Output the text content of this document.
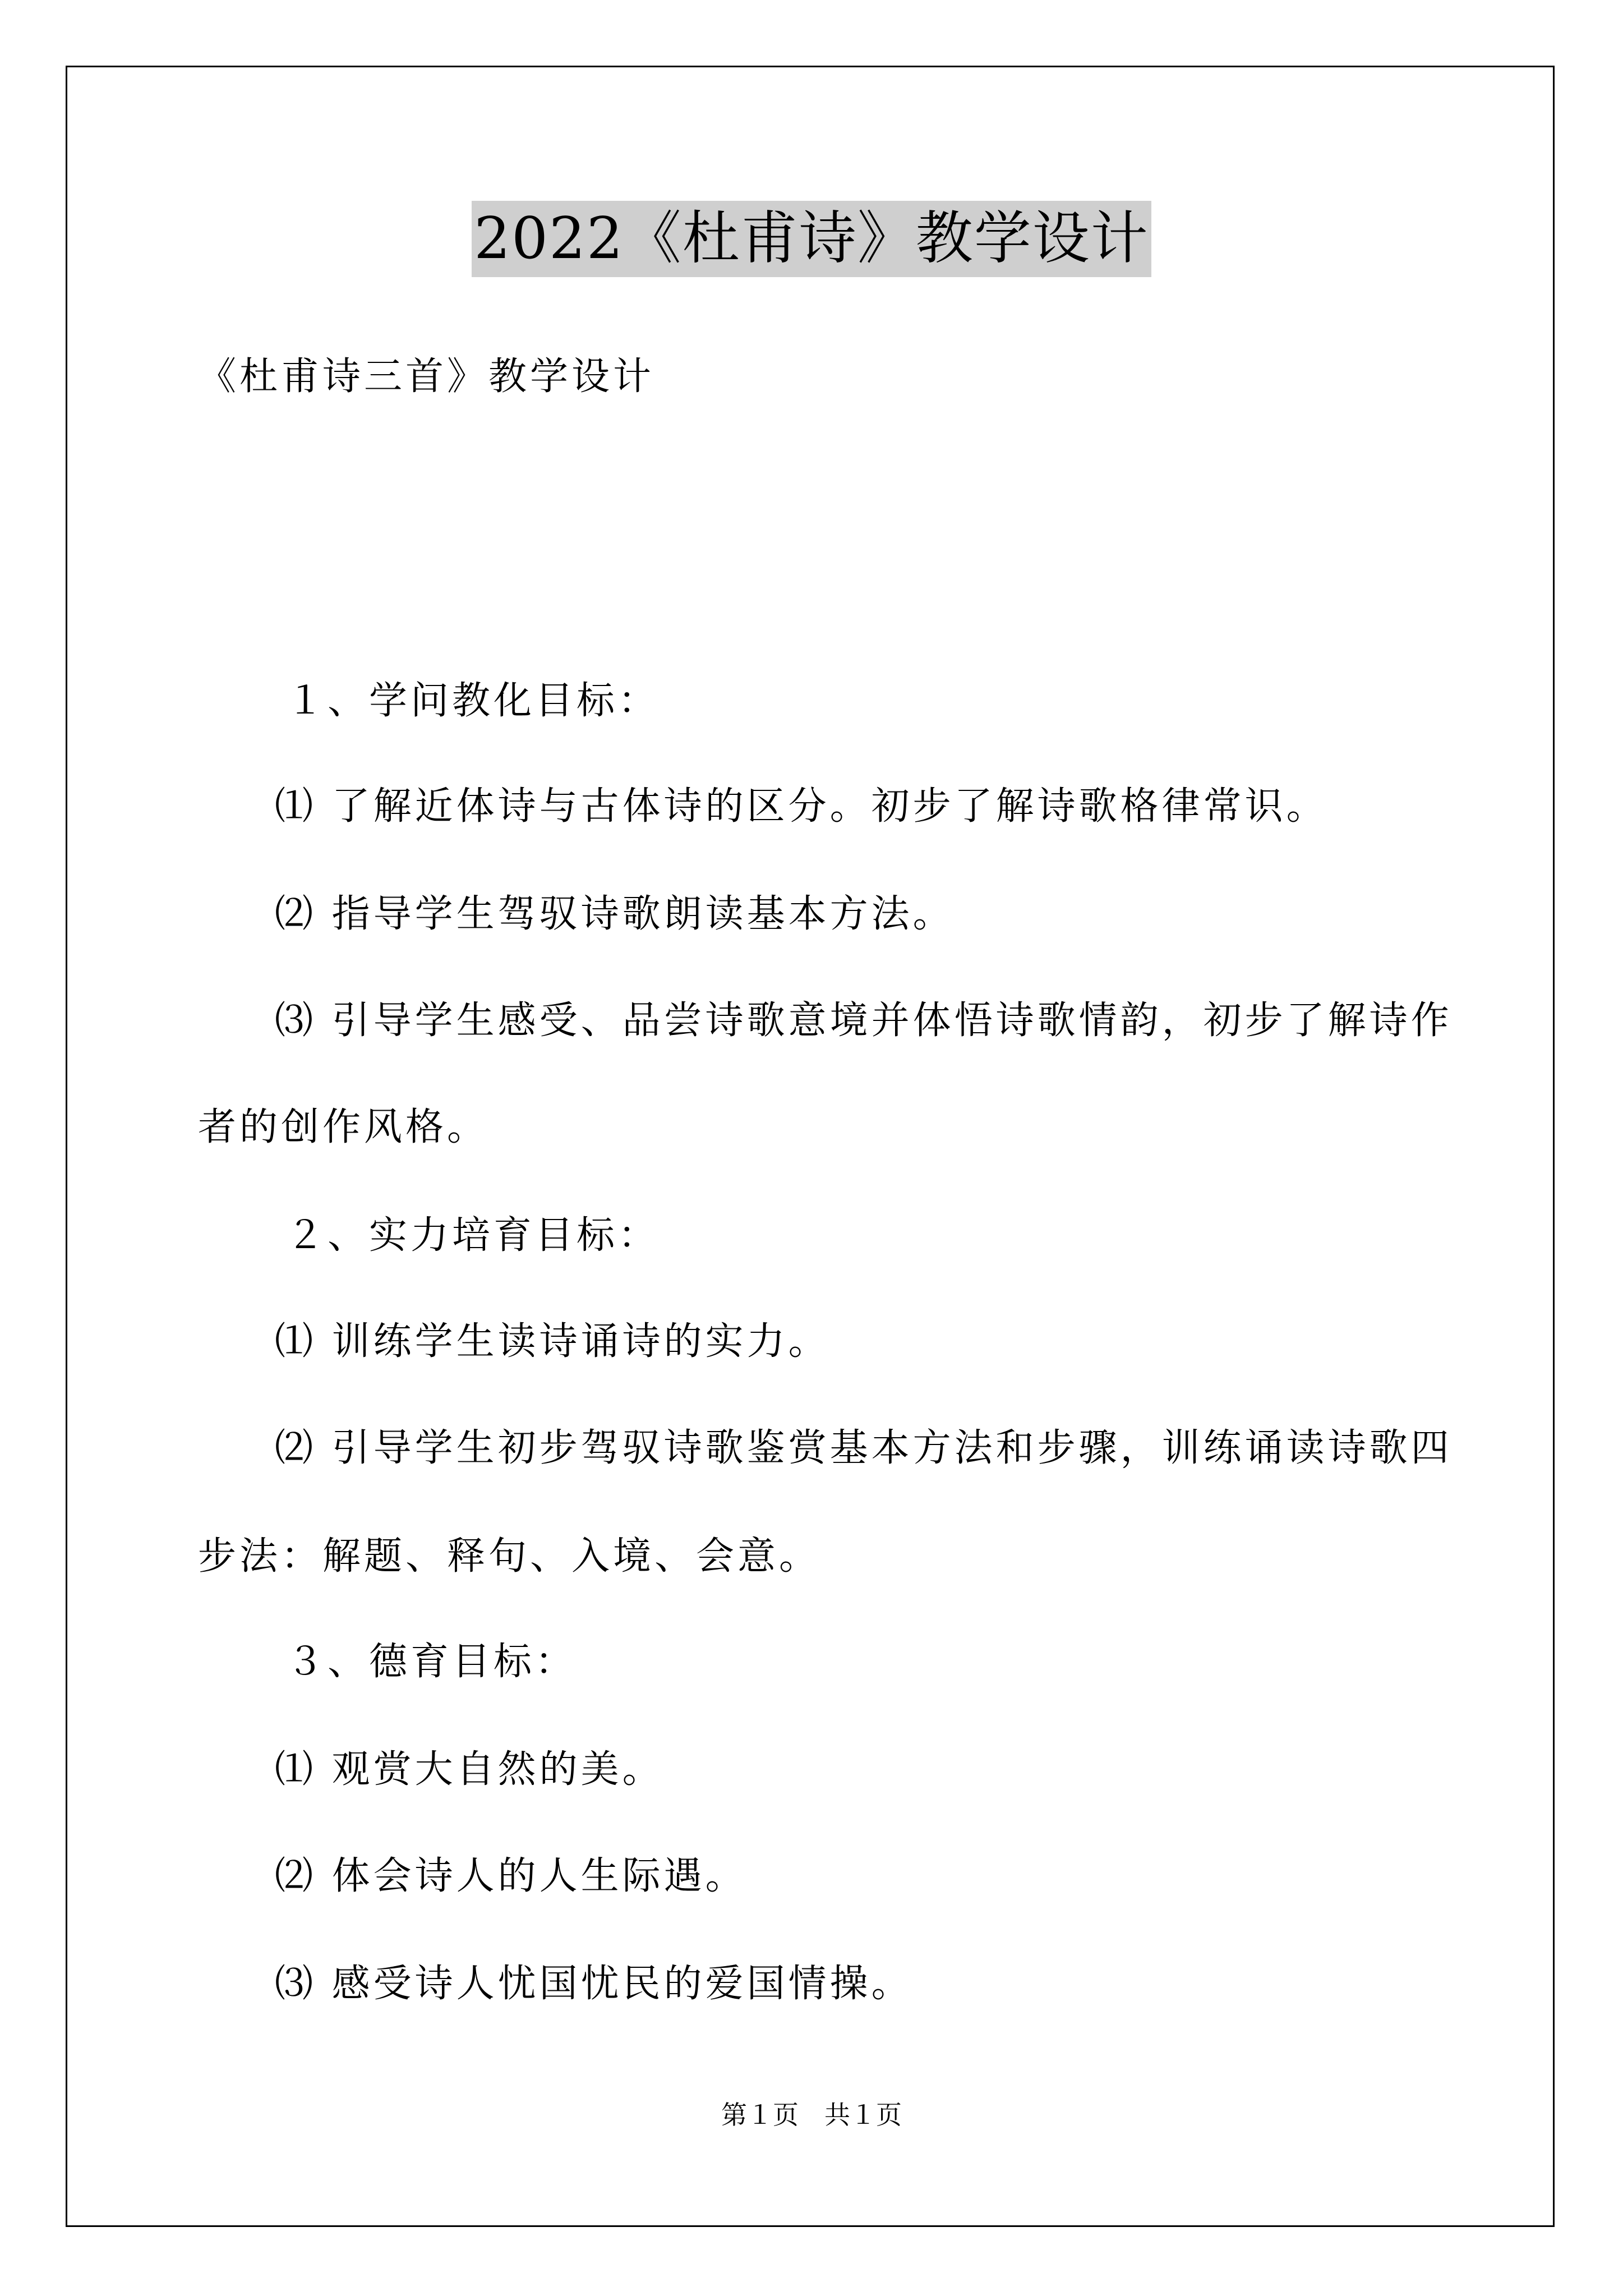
2022《杜甫诗》教学设计
《杜甫诗三首》教学设计
１、学问教化目标：
⑴ 了解近体诗与古体诗的区分。初步了解诗歌格律常识。
⑵ 指导学生驾驭诗歌朗读基本方法。
⑶ 引导学生感受、品尝诗歌意境并体悟诗歌情韵，初步了解诗作
者的创作风格。
２、实力培育目标：
⑴ 训练学生读诗诵诗的实力。
⑵ 引导学生初步驾驭诗歌鉴赏基本方法和步骤，训练诵读诗歌四
步法：解题、释句、入境、会意。
３、德育目标：
⑴ 观赏大自然的美。
⑵ 体会诗人的人生际遇。
⑶ 感受诗人忧国忧民的爱国情操。
第１页　共１页
